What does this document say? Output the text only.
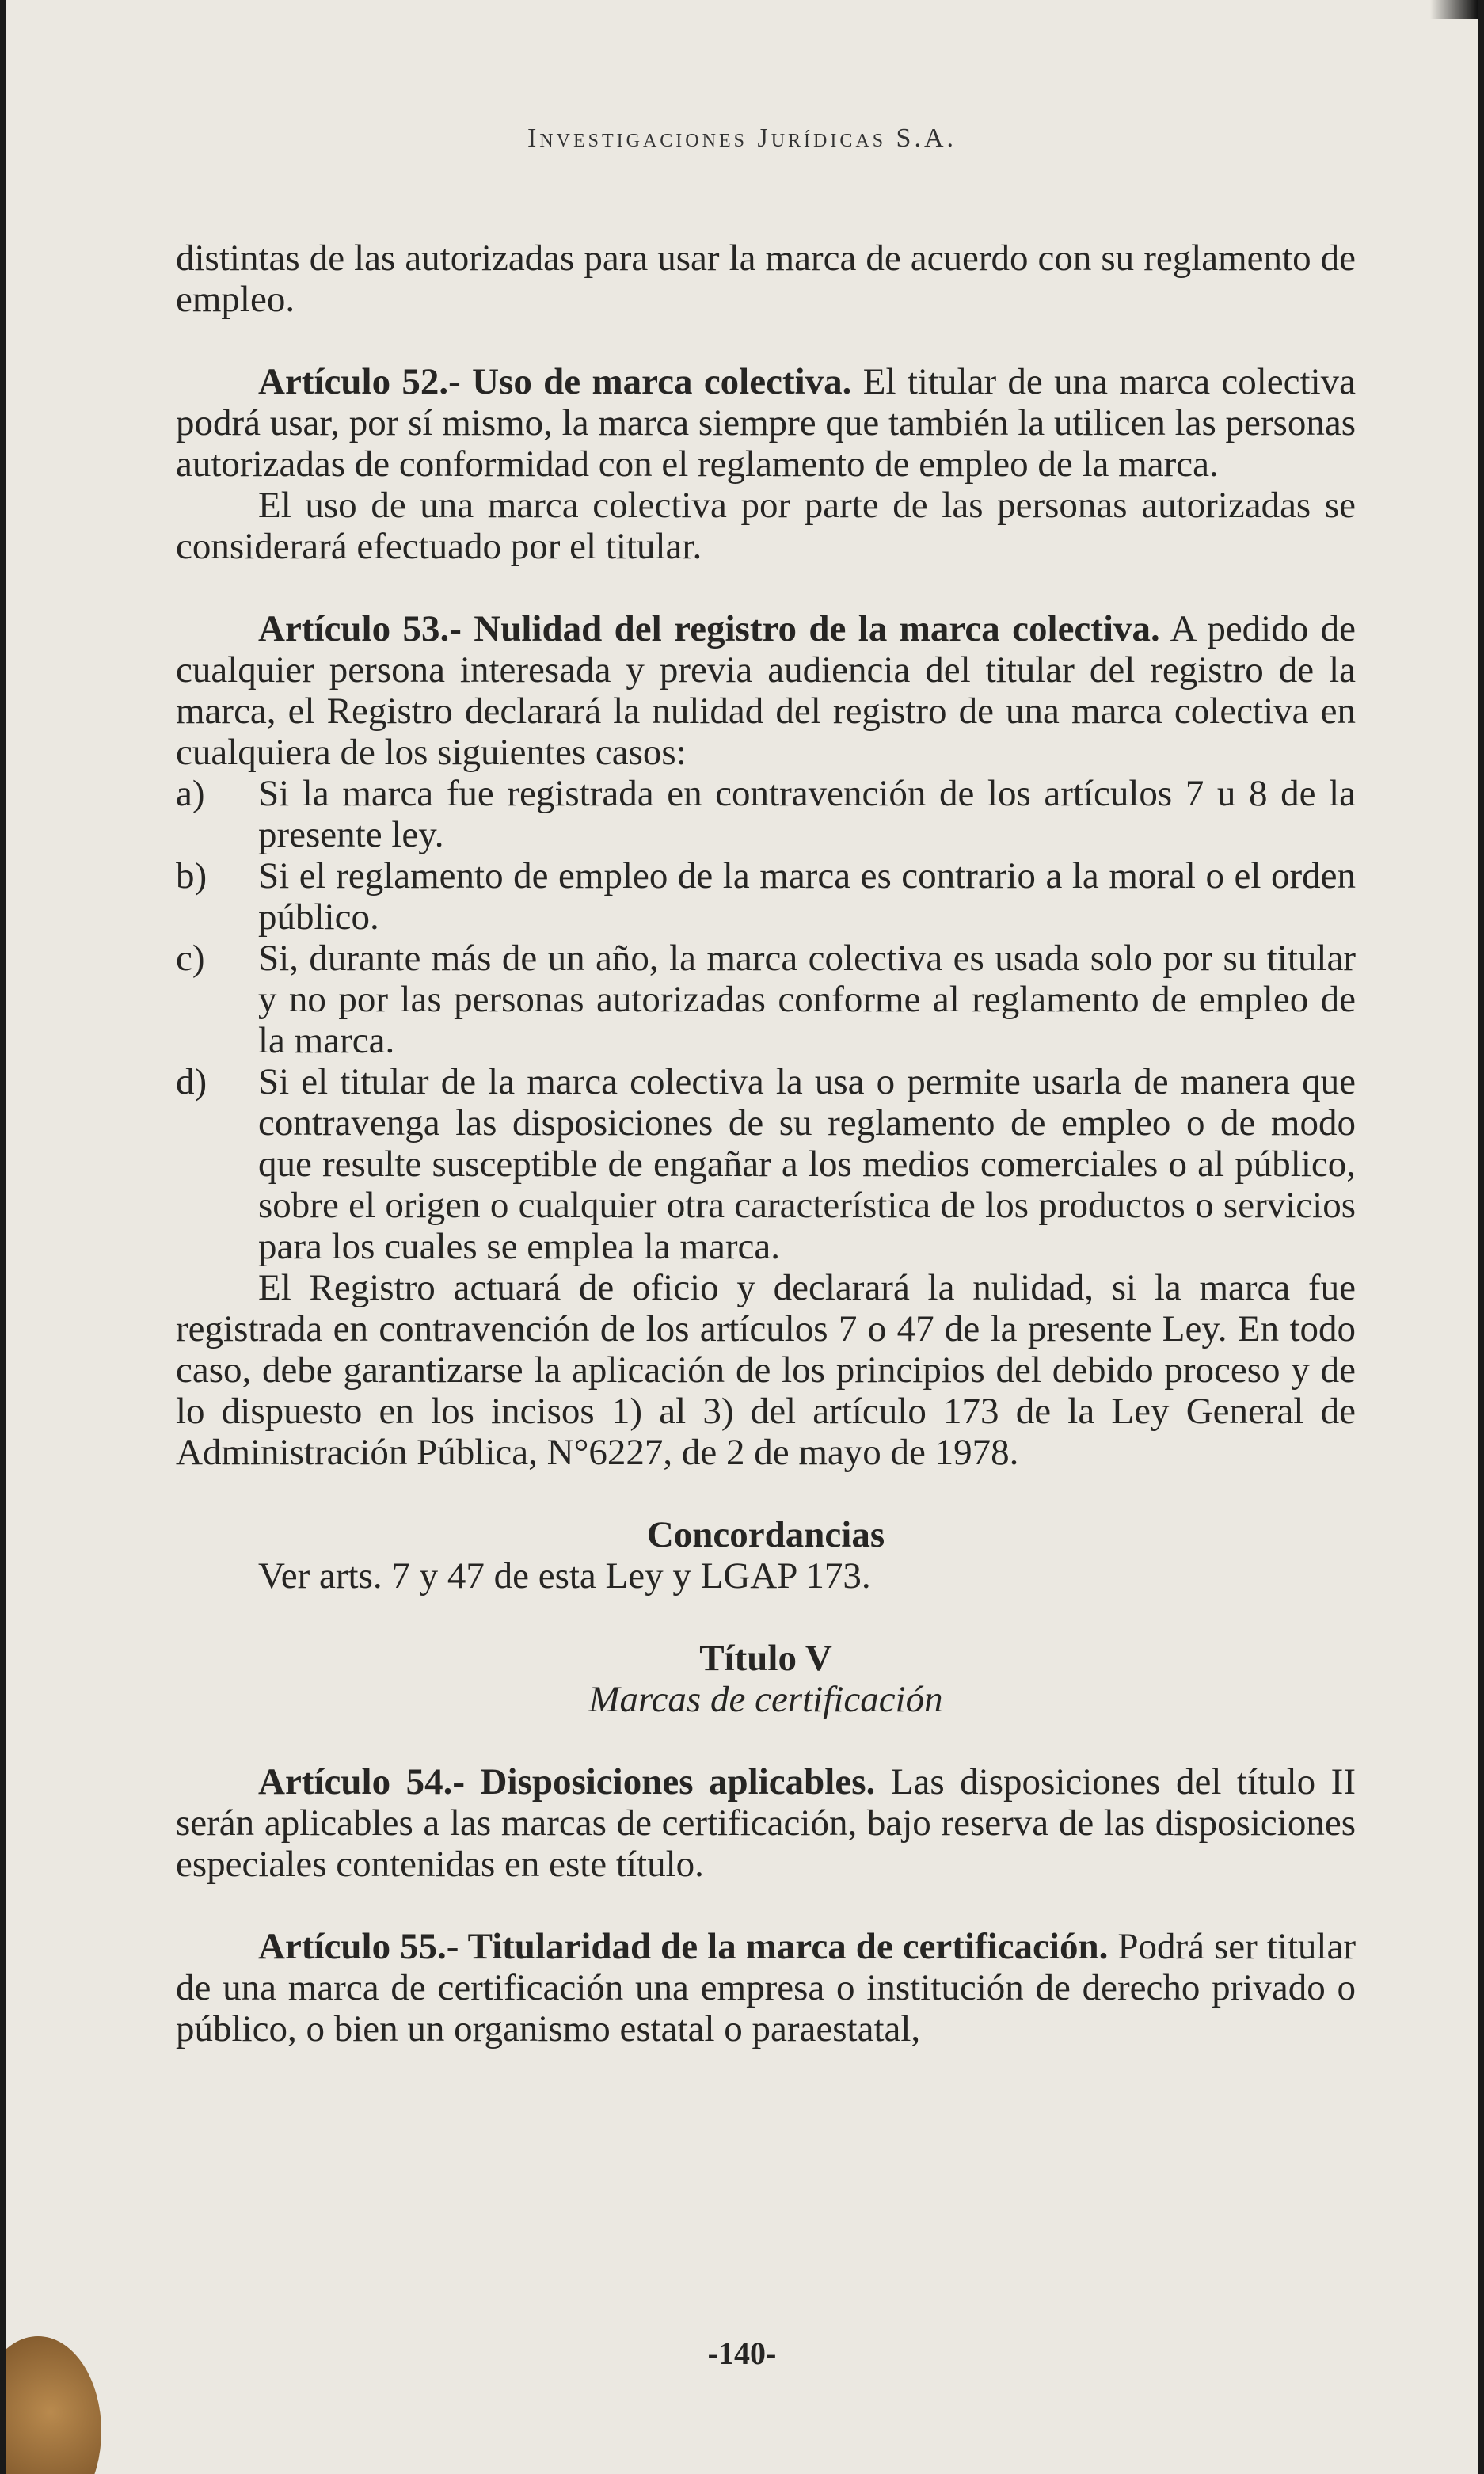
Investigaciones Jurídicas S.A.

distintas de las autorizadas para usar la marca de acuerdo con su reglamento de empleo.

Artículo 52.- Uso de marca colectiva. El titular de una marca colectiva podrá usar, por sí mismo, la marca siempre que también la utilicen las personas autorizadas de conformidad con el reglamento de empleo de la marca.

El uso de una marca colectiva por parte de las personas autorizadas se considerará efectuado por el titular.

Artículo 53.- Nulidad del registro de la marca colectiva. A pedido de cualquier persona interesada y previa audiencia del titular del registro de la marca, el Registro declarará la nulidad del registro de una marca colectiva en cualquiera de los siguientes casos:

a)	Si la marca fue registrada en contravención de los artículos 7 u 8 de la presente ley.
b)	Si el reglamento de empleo de la marca es contrario a la moral o el orden público.
c)	Si, durante más de un año, la marca colectiva es usada solo por su titular y no por las personas autorizadas conforme al reglamento de empleo de la marca.
d)	Si el titular de la marca colectiva la usa o permite usarla de manera que contravenga las disposiciones de su reglamento de empleo o de modo que resulte susceptible de engañar a los medios comerciales o al público, sobre el origen o cualquier otra característica de los productos o servicios para los cuales se emplea la marca.

El Registro actuará de oficio y declarará la nulidad, si la marca fue registrada en contravención de los artículos 7 o 47 de la presente Ley. En todo caso, debe garantizarse la aplicación de los principios del debido proceso y de lo dispuesto en los incisos 1) al 3) del artículo 173 de la Ley General de Administración Pública, N°6227, de 2 de mayo de 1978.

Concordancias

Ver arts. 7 y 47 de esta Ley y LGAP 173.

Título V

Marcas de certificación

Artículo 54.- Disposiciones aplicables. Las disposiciones del título II serán aplicables a las marcas de certificación, bajo reserva de las disposiciones especiales contenidas en este título.

Artículo 55.- Titularidad de la marca de certificación. Podrá ser titular de una marca de certificación una empresa o institución de derecho privado o público, o bien un organismo estatal o paraestatal,

-140-
